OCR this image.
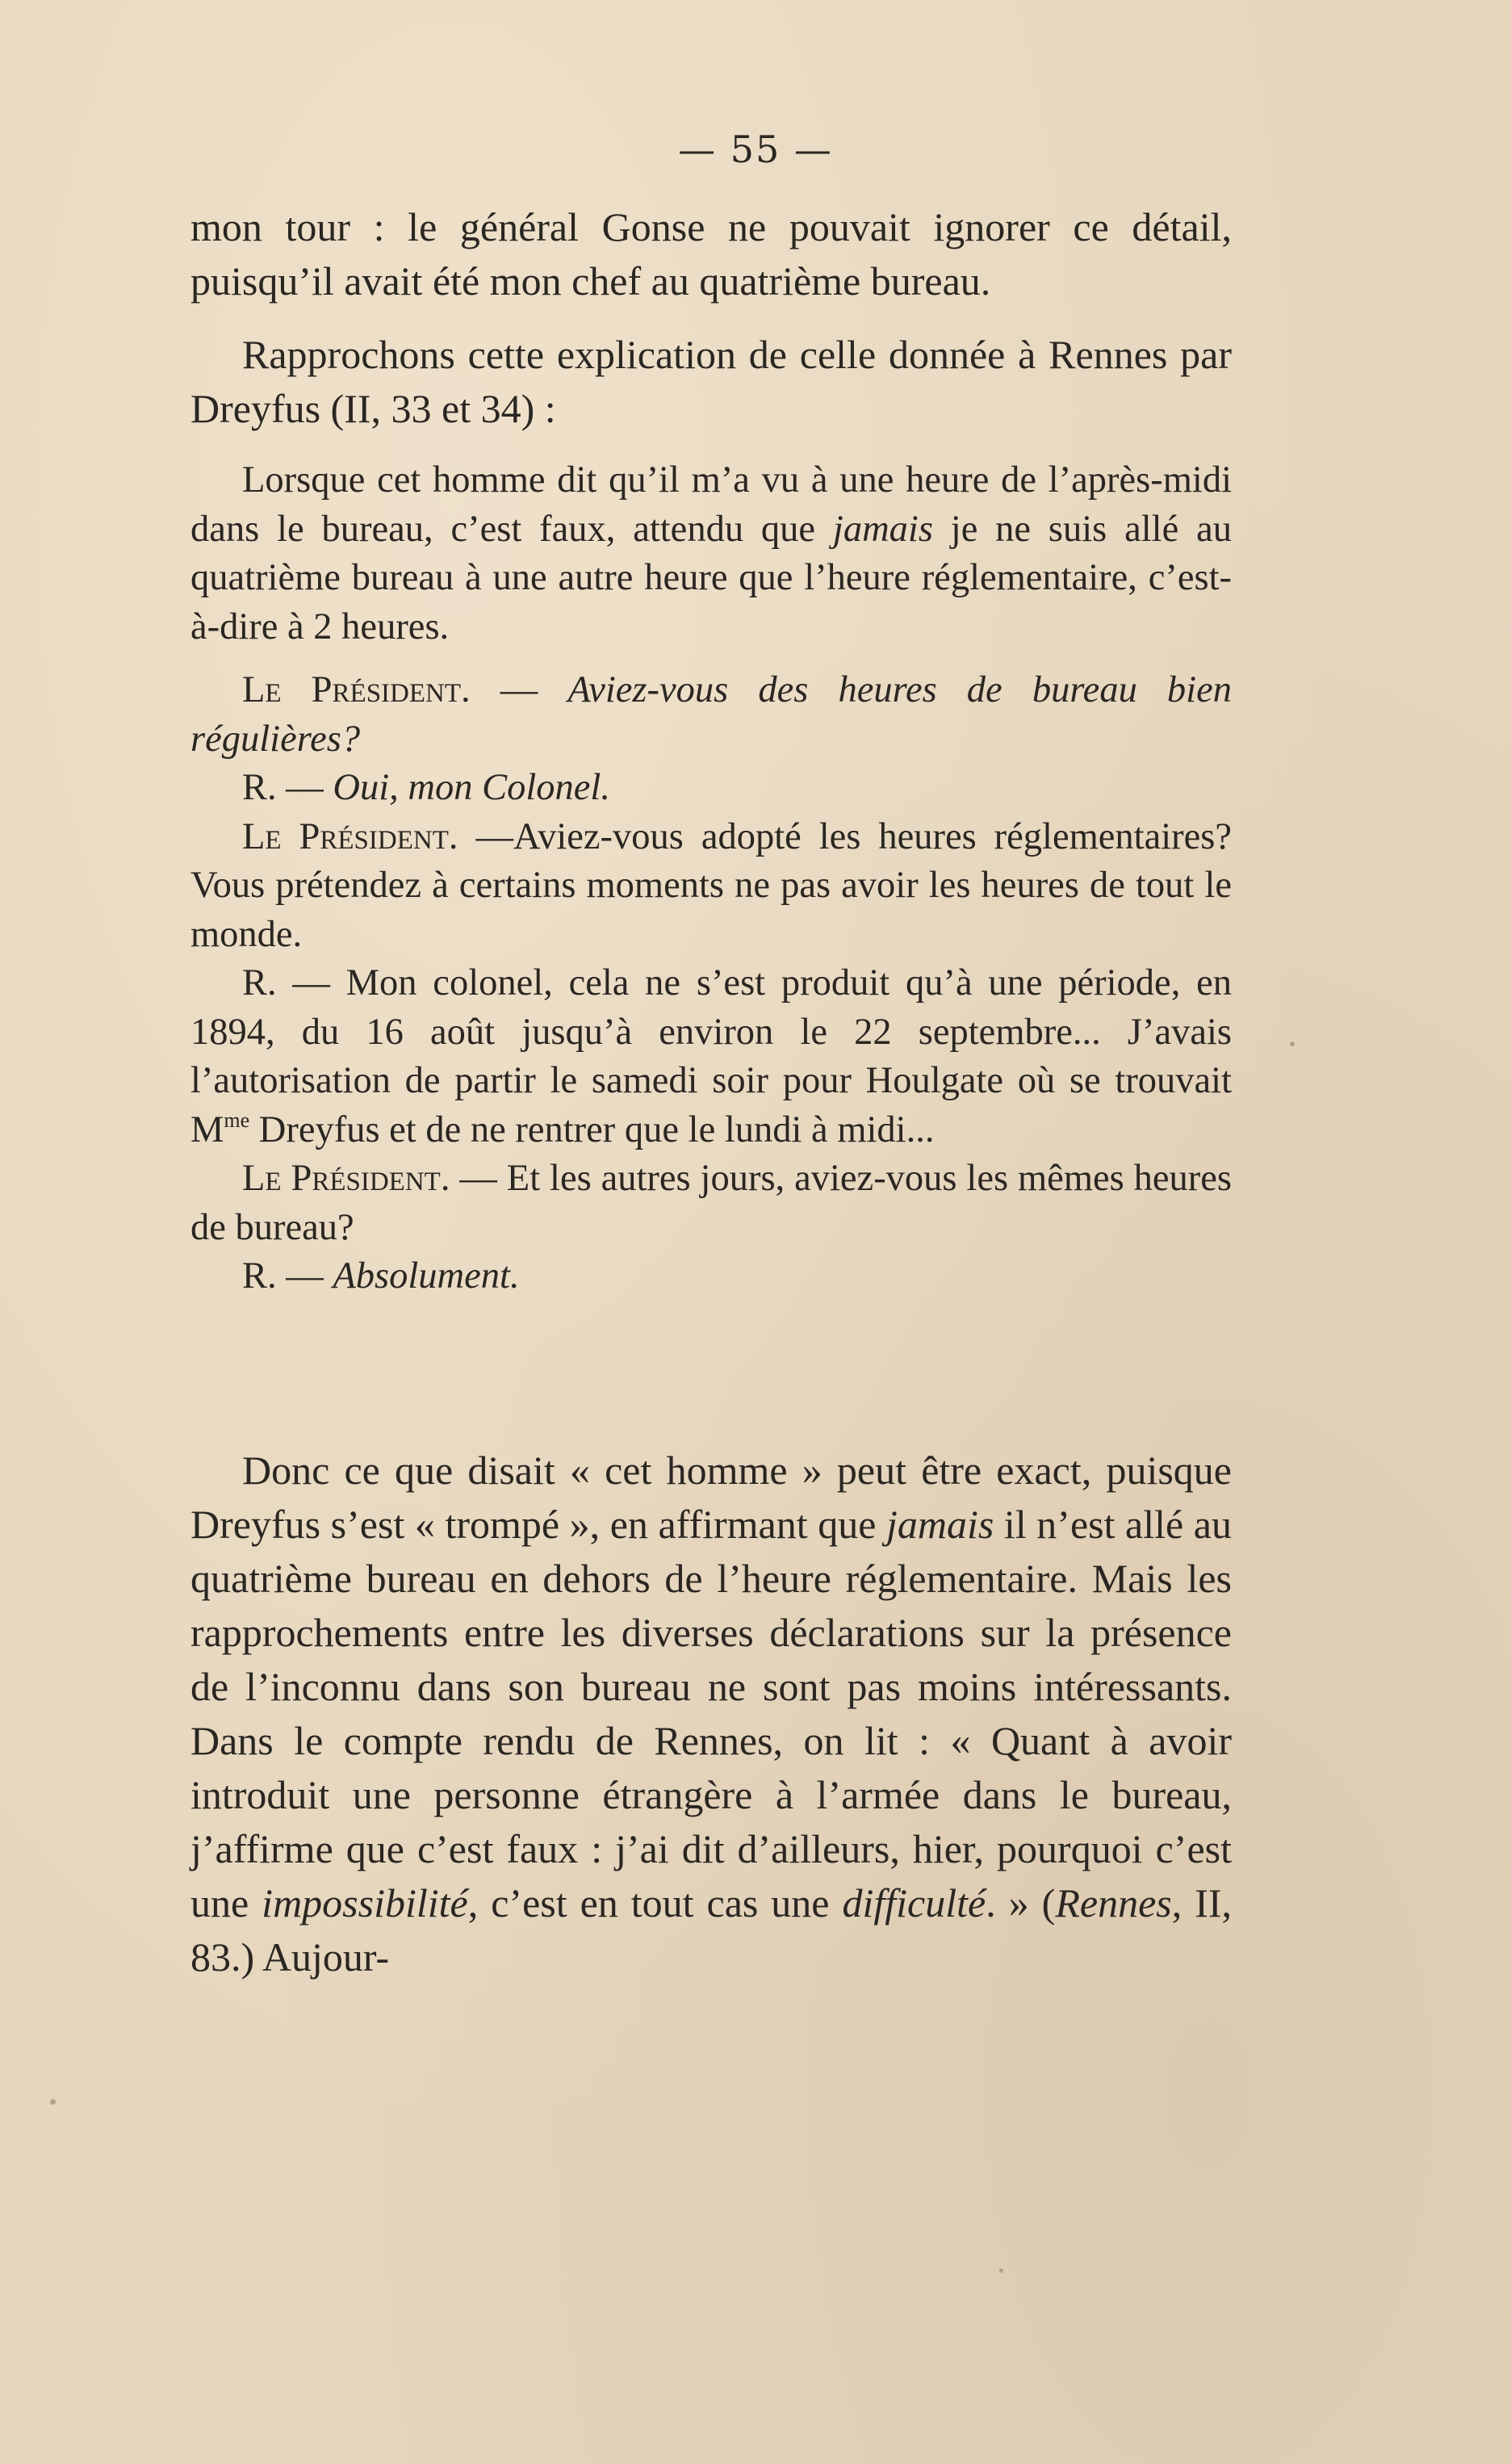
— 55 —

mon tour : le général Gonse ne pouvait ignorer ce détail, puisqu’il avait été mon chef au quatrième bureau.

Rapprochons cette explication de celle donnée à Rennes par Dreyfus (II, 33 et 34) :

Lorsque cet homme dit qu’il m’a vu à une heure de l’après-midi dans le bureau, c’est faux, attendu que jamais je ne suis allé au quatrième bureau à une autre heure que l’heure réglementaire, c’est-à-dire à 2 heures.

Le Président. — Aviez-vous des heures de bureau bien régulières?

R. — Oui, mon Colonel.

Le Président. —Aviez-vous adopté les heures réglementaires?Vous prétendez à certains moments ne pas avoir les heures de tout le monde.

R. — Mon colonel, cela ne s’est produit qu’à une période, en 1894, du 16 août jusqu’à environ le 22 septembre... J’avais l’autorisation de partir le samedi soir pour Houlgate où se trouvait $M^{me}$ Dreyfus et de ne rentrer que le lundi à midi...

Le Président. — Et les autres jours, aviez-vous les mêmes heures de bureau?

R. — Absolument.

Donc ce que disait « cet homme » peut être exact, puisque Dreyfus s’est « trompé », en affirmant que jamais il n’est allé au quatrième bureau en dehors de l’heure réglementaire. Mais les rapprochements entre les diverses déclarations sur la présence de l’inconnu dans son bureau ne sont pas moins intéressants. Dans le compte rendu de Rennes, on lit : « Quant à avoir introduit une personne étrangère à l’armée dans le bureau, j’affirme que c’est faux : j’ai dit d’ailleurs, hier, pourquoi c’est une impossibilité, c’est en tout cas une difficulté. » (Rennes, II, 83.) Aujour-
